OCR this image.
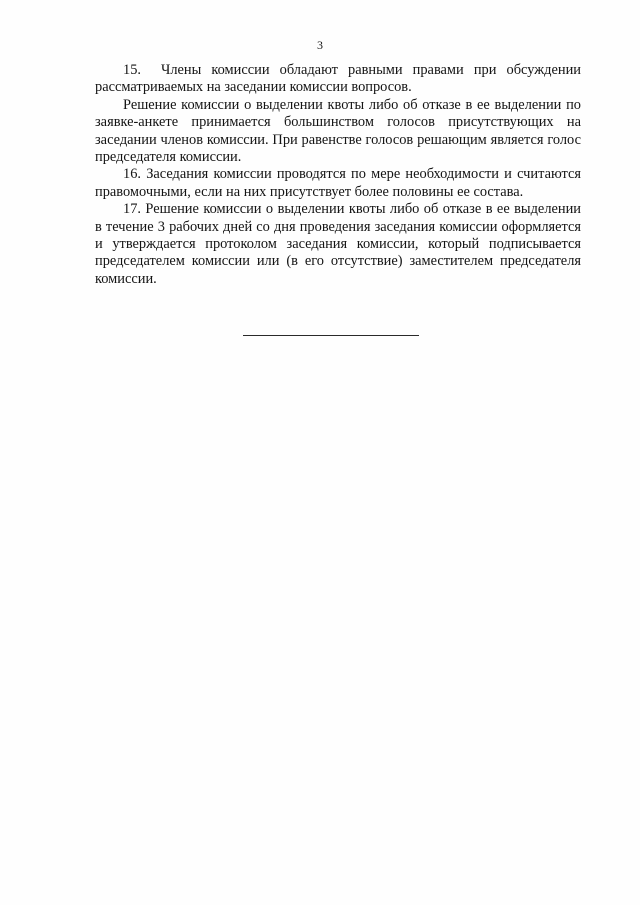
3

15. Члены комиссии обладают равными правами при обсуждении рассматриваемых на заседании комиссии вопросов.

Решение комиссии о выделении квоты либо об отказе в ее выделении по заявке-анкете принимается большинством голосов присутствующих на заседании членов комиссии. При равенстве голосов решающим является голос председателя комиссии.

16. Заседания комиссии проводятся по мере необходимости и считаются правомочными, если на них присутствует более половины ее состава.

17. Решение комиссии о выделении квоты либо об отказе в ее выделении в течение 3 рабочих дней со дня проведения заседания комиссии оформляется и утверждается протоколом заседания комиссии, который подписывается председателем комиссии или (в его отсутствие) заместителем председателя комиссии.
